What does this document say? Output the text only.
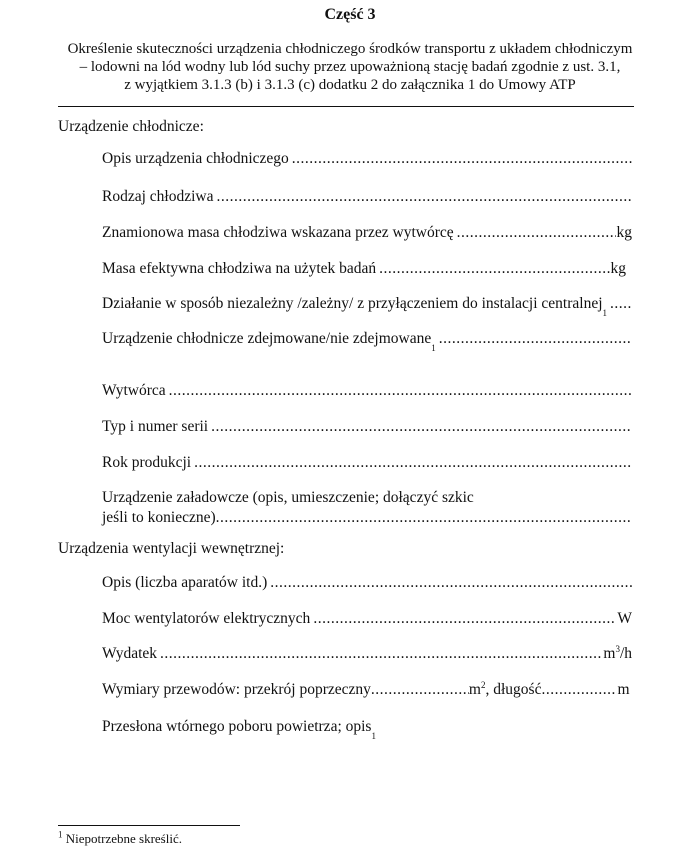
Część 3
Określenie skuteczności urządzenia chłodniczego środków transportu z układem chłodniczym
– lodowni na lód wodny lub lód suchy przez upoważnioną stację badań zgodnie z ust. 3.1,
z wyjątkiem 3.1.3 (b) i 3.1.3 (c) dodatku 2 do załącznika 1 do Umowy ATP
Urządzenie chłodnicze:
Opis urządzenia chłodniczego
.....
Rodzaj chłodziwa
.....
Znamionowa masa chłodziwa wskazana przez wytwórcę .....	kg
Masa efektywna chłodziwa na użytek badań .....	kg
Działanie w sposób niezależny /zależny/ z przyłączeniem do instalacji centralnej
1
.....
Urządzenie chłodnicze zdejmowane/nie zdejmowane
1
.....
Wytwórca
.....
Typ i numer serii
.....
Rok produkcji
.....
Urządzenie załadowcze (opis, umieszczenie; dołączyć szkic
jeśli to konieczne)
.....
Urządzenia wentylacji wewnętrznej:
Opis (liczba aparatów itd.)
.....
Moc wentylatorów elektrycznych .....	W
Wydatek .....	$m^3/h$
Wymiary przewodów: przekrój poprzeczny .....	$m^2$ , długość .....	m
Przesłona wtórnego poboru powietrza; opis
1
$^1$ Niepotrzebne skreślić.
